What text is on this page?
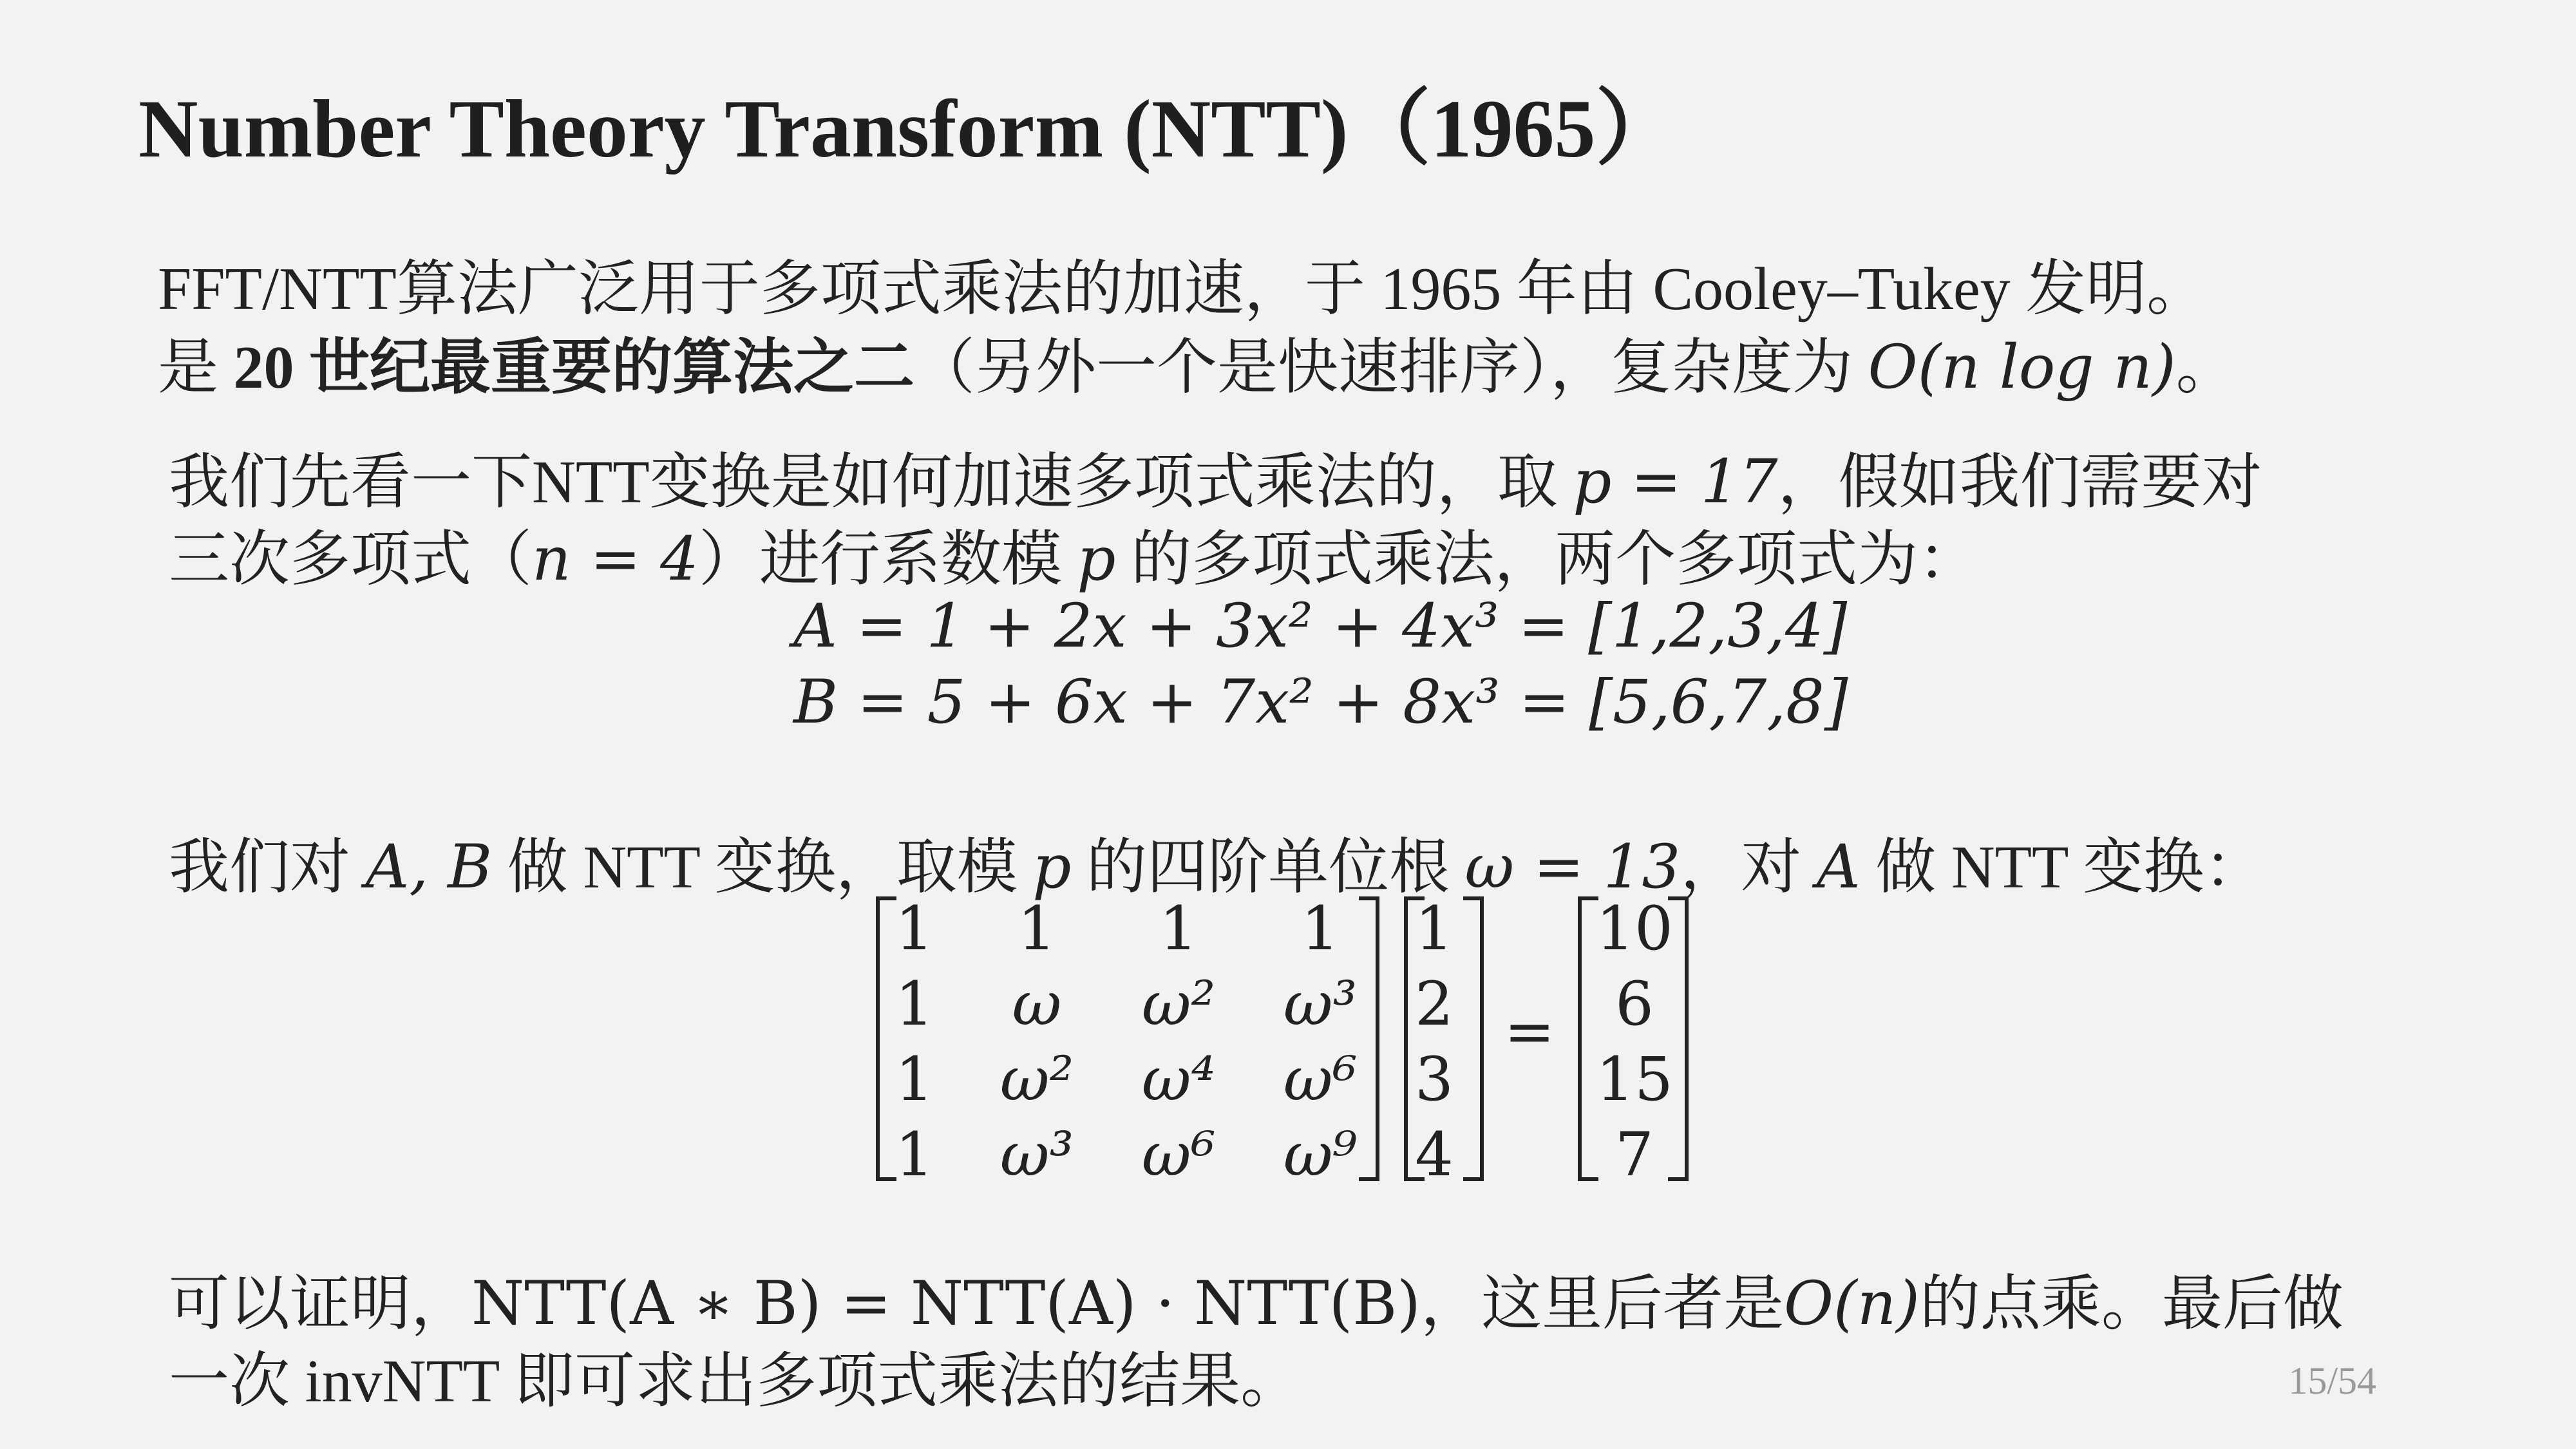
Number Theory Transform (NTT)（1965）
FFT/NTT算法广泛用于多项式乘法的加速，于 1965 年由 Cooley–Tukey 发明。
是 20 世纪最重要的算法之二（另外一个是快速排序），复杂度为 O(n log n)。
我们先看一下NTT变换是如何加速多项式乘法的，取 p = 17，假如我们需要对
三次多项式（n = 4）进行系数模 p 的多项式乘法，两个多项式为：
A = 1 + 2x + 3x² + 4x³ = [1,2,3,4]
B = 5 + 6x + 7x² + 8x³ = [5,6,7,8]
我们对 A, B 做 NTT 变换，取模 p 的四阶单位根 ω = 13，对 A 做 NTT 变换：
1	1	1	1	1	10
1	ω	ω²	ω³ 2	6
1	ω²	ω⁴	ω⁶ 3	15
1	ω³	ω⁶	ω⁹ 4	7
=
可以证明，NTT(A ∗ B) = NTT(A) · NTT(B)，这里后者是O(n)的点乘。最后做
一次 invNTT 即可求出多项式乘法的结果。	15/54
